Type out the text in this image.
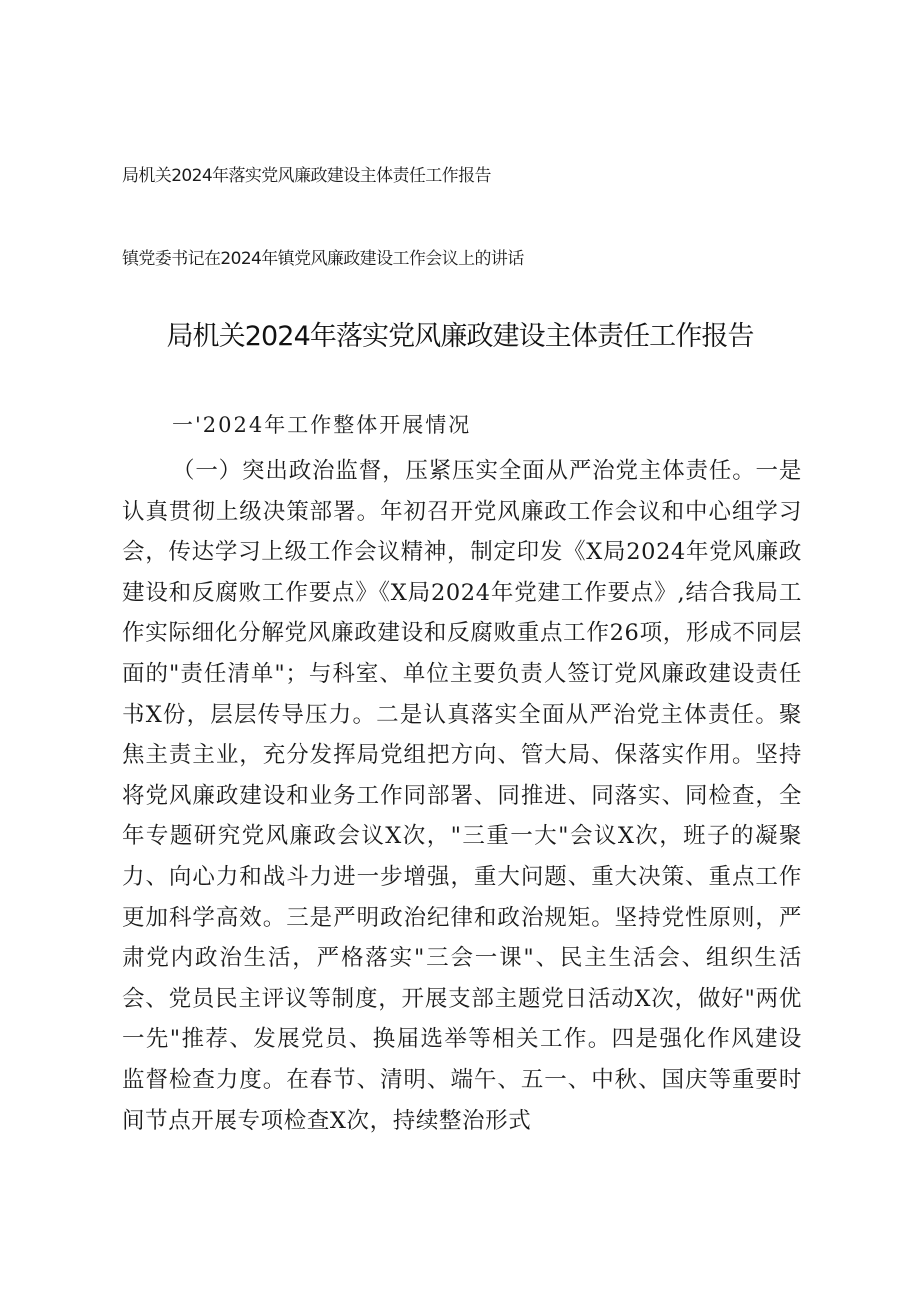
局机关2024年落实党风廉政建设主体责任工作报告
镇党委书记在2024年镇党风廉政建设工作会议上的讲话
局机关2024年落实党风廉政建设主体责任工作报告
一'2024年工作整体开展情况

（一）突出政治监督，压紧压实全面从严治党主体责任。一是认真贯彻上级决策部署。年初召开党风廉政工作会议和中心组学习会，传达学习上级工作会议精神，制定印发《X局2024年党风廉政建设和反腐败工作要点》《X局2024年党建工作要点》,结合我局工作实际细化分解党风廉政建设和反腐败重点工作26项，形成不同层面的"责任清单"；与科室、单位主要负责人签订党风廉政建设责任书X份，层层传导压力。二是认真落实全面从严治党主体责任。聚焦主责主业，充分发挥局党组把方向、管大局、保落实作用。坚持将党风廉政建设和业务工作同部署、同推进、同落实、同检查，全年专题研究党风廉政会议X次，"三重一大"会议X次，班子的凝聚力、向心力和战斗力进一步增强，重大问题、重大决策、重点工作更加科学高效。三是严明政治纪律和政治规矩。坚持党性原则，严肃党内政治生活，严格落实"三会一课"、民主生活会、组织生活会、党员民主评议等制度，开展支部主题党日活动X次，做好"两优一先"推荐、发展党员、换届选举等相关工作。四是强化作风建设监督检查力度。在春节、清明、端午、五一、中秋、国庆等重要时间节点开展专项检查X次，持续整治形式
